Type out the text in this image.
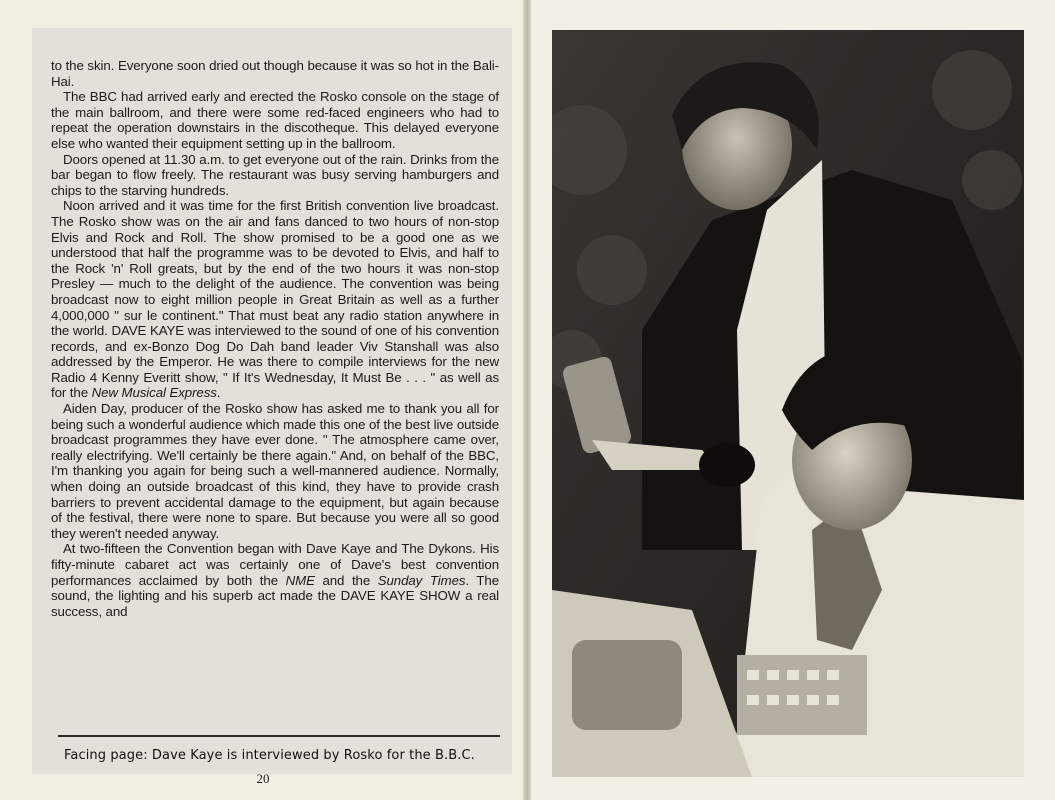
to the skin. Everyone soon dried out though because it was so hot in the Bali-Hai.

The BBC had arrived early and erected the Rosko console on the stage of the main ballroom, and there were some red-faced engineers who had to repeat the operation downstairs in the discotheque. This delayed everyone else who wanted their equipment setting up in the ballroom.

Doors opened at 11.30 a.m. to get everyone out of the rain. Drinks from the bar began to flow freely. The restaurant was busy serving hamburgers and chips to the starving hundreds.

Noon arrived and it was time for the first British convention live broadcast. The Rosko show was on the air and fans danced to two hours of non-stop Elvis and Rock and Roll. The show promised to be a good one as we understood that half the programme was to be devoted to Elvis, and half to the Rock 'n' Roll greats, but by the end of the two hours it was non-stop Presley — much to the delight of the audience. The convention was being broadcast now to eight million people in Great Britain as well as a further 4,000,000 " sur le continent." That must beat any radio station anywhere in the world. DAVE KAYE was interviewed to the sound of one of his convention records, and ex-Bonzo Dog Do Dah band leader Viv Stanshall was also addressed by the Emperor. He was there to compile interviews for the new Radio 4 Kenny Everitt show, " If It's Wednesday, It Must Be . . . " as well as for the New Musical Express.

Aiden Day, producer of the Rosko show has asked me to thank you all for being such a wonderful audience which made this one of the best live outside broadcast programmes they have ever done. " The atmosphere came over, really electrifying. We'll certainly be there again." And, on behalf of the BBC, I'm thanking you again for being such a well-mannered audience. Normally, when doing an outside broadcast of this kind, they have to provide crash barriers to prevent accidental damage to the equipment, but again because of the festival, there were none to spare. But because you were all so good they weren't needed anyway.

At two-fifteen the Convention began with Dave Kaye and The Dykons. His fifty-minute cabaret act was certainly one of Dave's best convention performances acclaimed by both the NME and the Sunday Times. The sound, the lighting and his superb act made the DAVE KAYE SHOW a real success, and

Facing page: Dave Kaye is interviewed by Rosko for the B.B.C.
20
